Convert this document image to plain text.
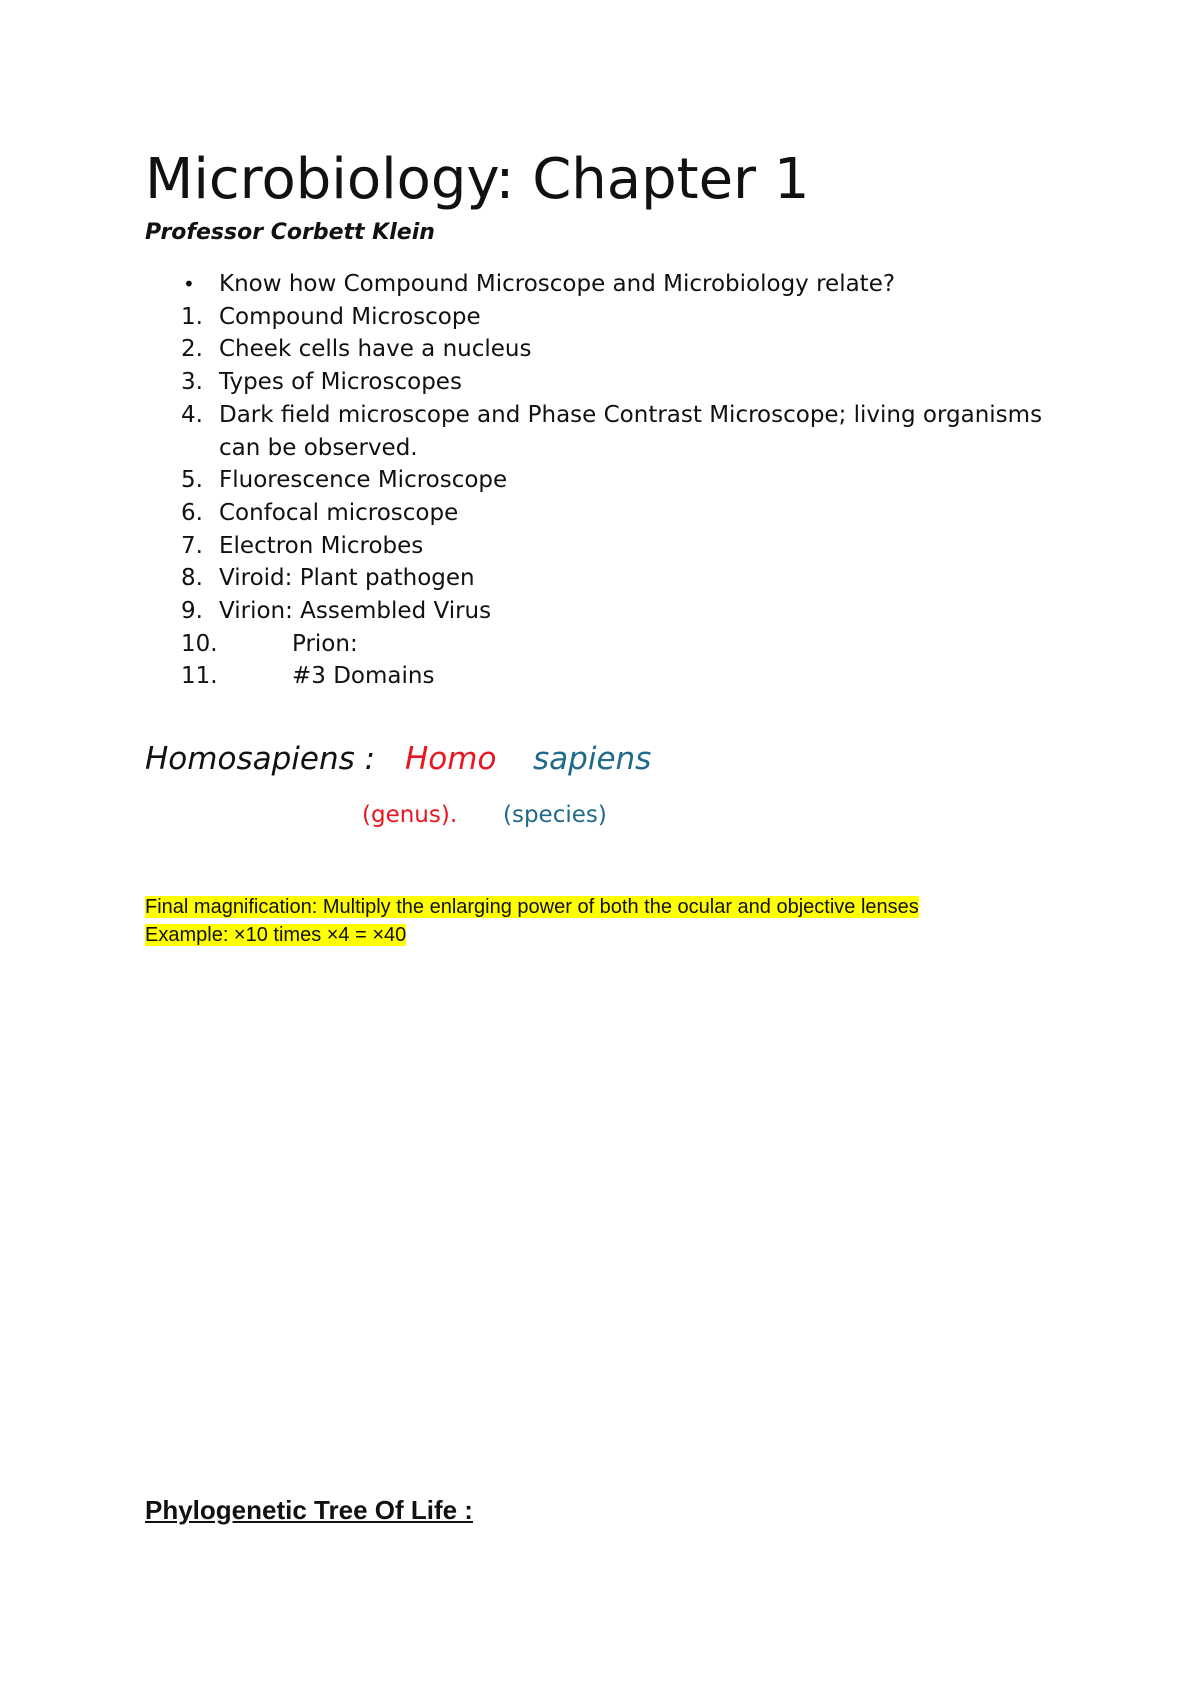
Microbiology: Chapter 1
Professor Corbett Klein
• Know how Compound Microscope and Microbiology relate?
1. Compound Microscope
2. Cheek cells have a nucleus
3. Types of Microscopes
4. Dark field microscope and Phase Contrast Microscope; living organisms can be observed.
5. Fluorescence Microscope
6. Confocal microscope
7. Electron Microbes
8. Viroid: Plant pathogen
9. Virion: Assembled Virus
10.	Prion:
11.	#3 Domains
Homosapiens : Homo sapiens
(genus). (species)
Final magnification: Multiply the enlarging power of both the ocular and objective lenses
Example: ×10 times ×4 = ×40
Phylogenetic Tree Of Life :
